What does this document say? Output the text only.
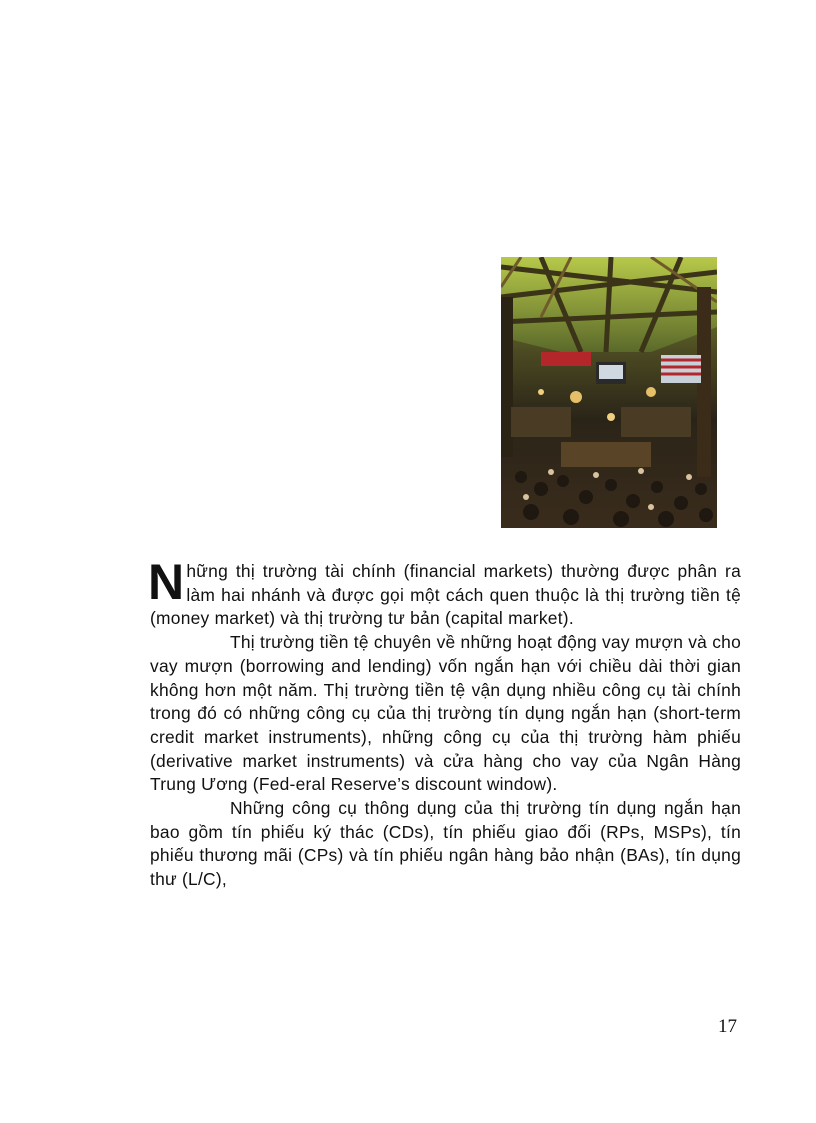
Những thị trường tài chính (financial markets) thường được phân ra làm hai nhánh và được gọi một cách quen thuộc là thị trường tiền tệ (money market) và thị trường tư bản (capital market).

Thị trường tiền tệ chuyên về những hoạt động vay mượn và cho vay mượn (borrowing and lending) vốn ngắn hạn với chiều dài thời gian không hơn một năm. Thị trường tiền tệ vận dụng nhiều công cụ tài chính trong đó có những công cụ của thị trường tín dụng ngắn hạn (short-term credit market instruments), những công cụ của thị trường hàm phiếu (derivative market instruments) và cửa hàng cho vay của Ngân Hàng Trung Ương (Fed-eral Reserve’s discount window).

Những công cụ thông dụng của thị trường tín dụng ngắn hạn bao gồm tín phiếu ký thác (CDs), tín phiếu giao đối (RPs, MSPs), tín phiếu thương mãi (CPs) và tín phiếu ngân hàng bảo nhận (BAs), tín dụng thư (L/C),

17
